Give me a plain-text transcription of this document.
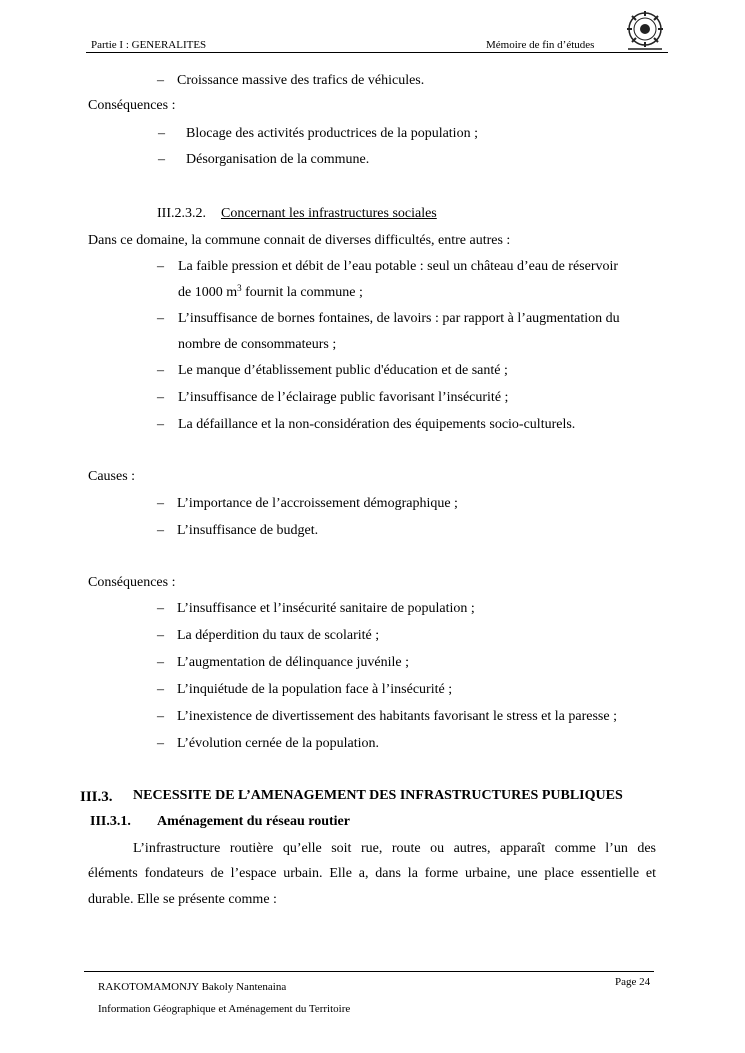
Partie I : GENERALITES	Mémoire de fin d’études
– Croissance massive des trafics de véhicules.
Conséquences :
– Blocage des activités productrices de la population ;
– Désorganisation de la commune.
III.2.3.2. Concernant les infrastructures sociales
Dans ce domaine, la commune connait de diverses difficultés, entre autres :
– La faible pression et débit de l’eau potable : seul un château d’eau de réservoir
de 1000 $m^3$ fournit la commune ;
– L’insuffisance de bornes fontaines, de lavoirs : par rapport à l’augmentation du
nombre de consommateurs ;
– Le manque d’établissement public d'éducation et de santé ;
– L’insuffisance de l’éclairage public favorisant l’insécurité ;
– La défaillance et la non-considération des équipements socio-culturels.
Causes :
– L’importance de l’accroissement démographique ;
– L’insuffisance de budget.
Conséquences :
– L’insuffisance et l’insécurité sanitaire de population ;
– La déperdition du taux de scolarité ;
– L’augmentation de délinquance juvénile ;
– L’inquiétude de la population face à l’insécurité ;
– L’inexistence de divertissement des habitants favorisant le stress et la paresse ;
– L’évolution cernée de la population.
III.3. NECESSITE DE L’AMENAGEMENT DES INFRASTRUCTURES PUBLIQUES
III.3.1. Aménagement du réseau routier
L’infrastructure routière qu’elle soit rue, route ou autres, apparaît comme l’un des
éléments fondateurs de l’espace urbain. Elle a, dans la forme urbaine, une place essentielle et
durable. Elle se présente comme :
Page 24
RAKOTOMAMONJY Bakoly Nantenaina
Information Géographique et Aménagement du Territoire
